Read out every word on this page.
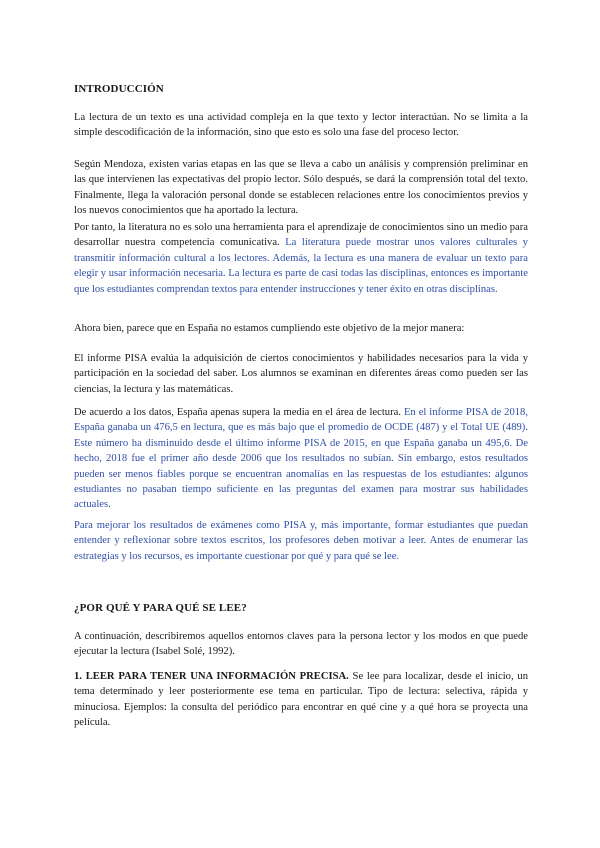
INTRODUCCIÓN

La lectura de un texto es una actividad compleja en la que texto y lector interactúan. No se limita a la simple descodificación de la información, sino que esto es solo una fase del proceso lector.

Según Mendoza, existen varias etapas en las que se lleva a cabo un análisis y comprensión preliminar en las que intervienen las expectativas del propio lector. Sólo después, se dará la comprensión total del texto. Finalmente, llega la valoración personal donde se establecen relaciones entre los conocimientos previos y los nuevos conocimientos que ha aportado la lectura.

Por tanto, la literatura no es solo una herramienta para el aprendizaje de conocimientos sino un medio para desarrollar nuestra competencia comunicativa. La literatura puede mostrar unos valores culturales y transmitir información cultural a los lectores. Además, la lectura es una manera de evaluar un texto para elegir y usar información necesaria. La lectura es parte de casi todas las disciplinas, entonces es importante que los estudiantes comprendan textos para entender instrucciones y tener éxito en otras disciplinas.

Ahora bien, parece que en España no estamos cumpliendo este objetivo de la mejor manera:

El informe PISA evalúa la adquisición de ciertos conocimientos y habilidades necesarios para la vida y participación en la sociedad del saber. Los alumnos se examinan en diferentes áreas como pueden ser las ciencias, la lectura y las matemáticas.

De acuerdo a los datos, España apenas supera la media en el área de lectura. En el informe PISA de 2018, España ganaba un 476,5 en lectura, que es más bajo que el promedio de OCDE (487) y el Total UE (489). Este número ha disminuido desde el último informe PISA de 2015, en que España ganaba un 495,6. De hecho, 2018 fue el primer año desde 2006 que los resultados no subían. Sin embargo, estos resultados pueden ser menos fiables porque se encuentran anomalías en las respuestas de los estudiantes: algunos estudiantes no pasaban tiempo suficiente en las preguntas del examen para mostrar sus habilidades actuales.

Para mejorar los resultados de exámenes como PISA y, más importante, formar estudiantes que puedan entender y reflexionar sobre textos escritos, los profesores deben motivar a leer. Antes de enumerar las estrategias y los recursos, es importante cuestionar por qué y para qué se lee.

¿POR QUÉ Y PARA QUÉ SE LEE?

A continuación, describiremos aquellos entornos claves para la persona lector y los modos en que puede ejecutar la lectura (Isabel Solé, 1992).

1. LEER PARA TENER UNA INFORMACIÓN PRECISA. Se lee para localizar, desde el inicio, un tema determinado y leer posteriormente ese tema en particular. Tipo de lectura: selectiva, rápida y minuciosa. Ejemplos: la consulta del periódico para encontrar en qué cine y a qué hora se proyecta una película.
